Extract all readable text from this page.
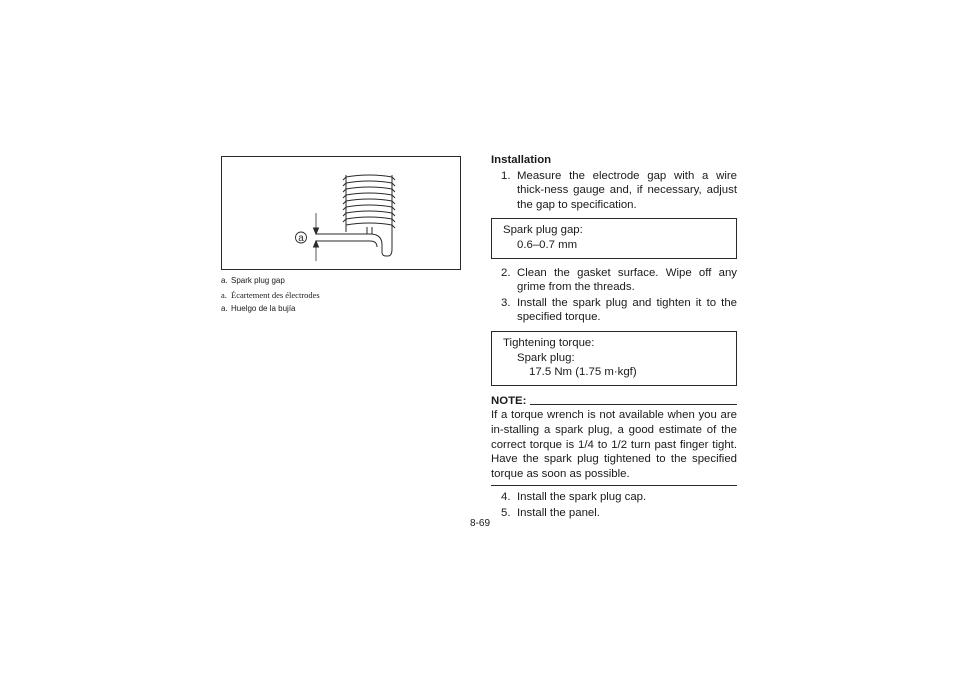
a
a. Spark plug gap
a. Écartement des électrodes
a. Huelgo de la bujía
Installation
1. Measure the electrode gap with a wire thick-ness gauge and, if necessary, adjust the gap to specification.
Spark plug gap:
0.6–0.7 mm
2. Clean the gasket surface. Wipe off any grime from the threads.
3. Install the spark plug and tighten it to the specified torque.
Tightening torque:
Spark plug:
17.5 Nm (1.75 m·kgf)
NOTE:
If a torque wrench is not available when you are in-stalling a spark plug, a good estimate of the correct torque is 1/4 to 1/2 turn past finger tight. Have the spark plug tightened to the specified torque as soon as possible.
4. Install the spark plug cap.
5. Install the panel.
8-69
